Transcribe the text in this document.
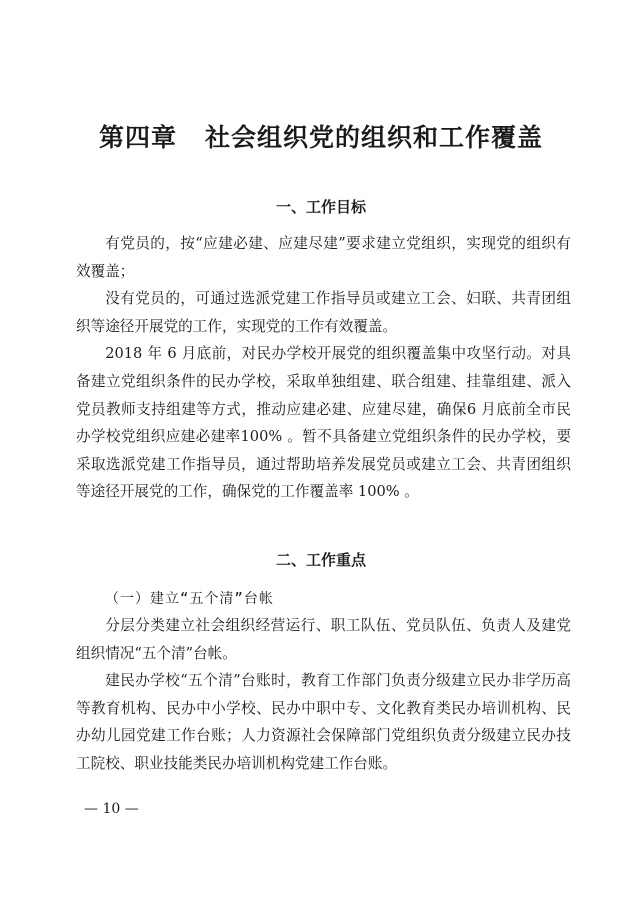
第四章 社会组织党的组织和工作覆盖
一、工作目标

有党员的，按“应建必建、应建尽建”要求建立党组织，实现党的组织有效覆盖；

没有党员的，可通过选派党建工作指导员或建立工会、妇联、共青团组织等途径开展党的工作，实现党的工作有效覆盖。

2018 年 6 月底前，对民办学校开展党的组织覆盖集中攻坚行动。对具备建立党组织条件的民办学校，采取单独组建、联合组建、挂靠组建、派入党员教师支持组建等方式，推动应建必建、应建尽建，确保6 月底前全市民办学校党组织应建必建率100% 。暂不具备建立党组织条件的民办学校，要采取选派党建工作指导员，通过帮助培养发展党员或建立工会、共青团组织等途径开展党的工作，确保党的工作覆盖率 100% 。

二、工作重点
（一）建立“五个清”台帐

分层分类建立社会组织经营运行、职工队伍、党员队伍、负责人及建党组织情况“五个清”台帐。

建民办学校“五个清”台账时，教育工作部门负责分级建立民办非学历高等教育机构、民办中小学校、民办中职中专、文化教育类民办培训机构、民办幼儿园党建工作台账；人力资源社会保障部门党组织负责分级建立民办技工院校、职业技能类民办培训机构党建工作台账。

— 10 —
